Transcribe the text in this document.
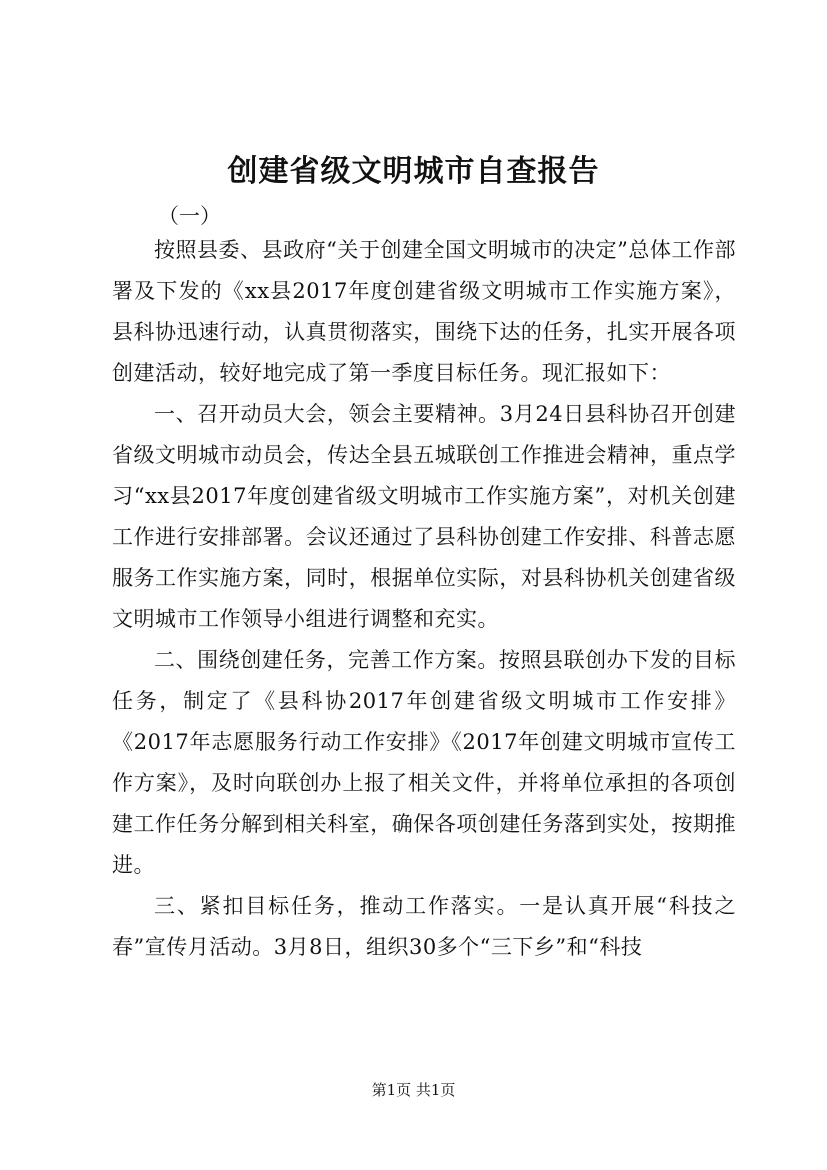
创建省级文明城市自查报告

（一）

按照县委、县政府“关于创建全国文明城市的决定”总体工作部署及下发的《xx县2017年度创建省级文明城市工作实施方案》，县科协迅速行动，认真贯彻落实，围绕下达的任务，扎实开展各项创建活动，较好地完成了第一季度目标任务。现汇报如下：

一、召开动员大会，领会主要精神。3月24日县科协召开创建省级文明城市动员会，传达全县五城联创工作推进会精神，重点学习“xx县2017年度创建省级文明城市工作实施方案”，对机关创建工作进行安排部署。会议还通过了县科协创建工作安排、科普志愿服务工作实施方案，同时，根据单位实际，对县科协机关创建省级文明城市工作领导小组进行调整和充实。

二、围绕创建任务，完善工作方案。按照县联创办下发的目标任务，制定了《县科协2017年创建省级文明城市工作安排》《2017年志愿服务行动工作安排》《2017年创建文明城市宣传工作方案》，及时向联创办上报了相关文件，并将单位承担的各项创建工作任务分解到相关科室，确保各项创建任务落到实处，按期推进。

三、紧扣目标任务，推动工作落实。一是认真开展“科技之春”宣传月活动。3月8日，组织30多个“三下乡”和“科技

第1页 共1页
